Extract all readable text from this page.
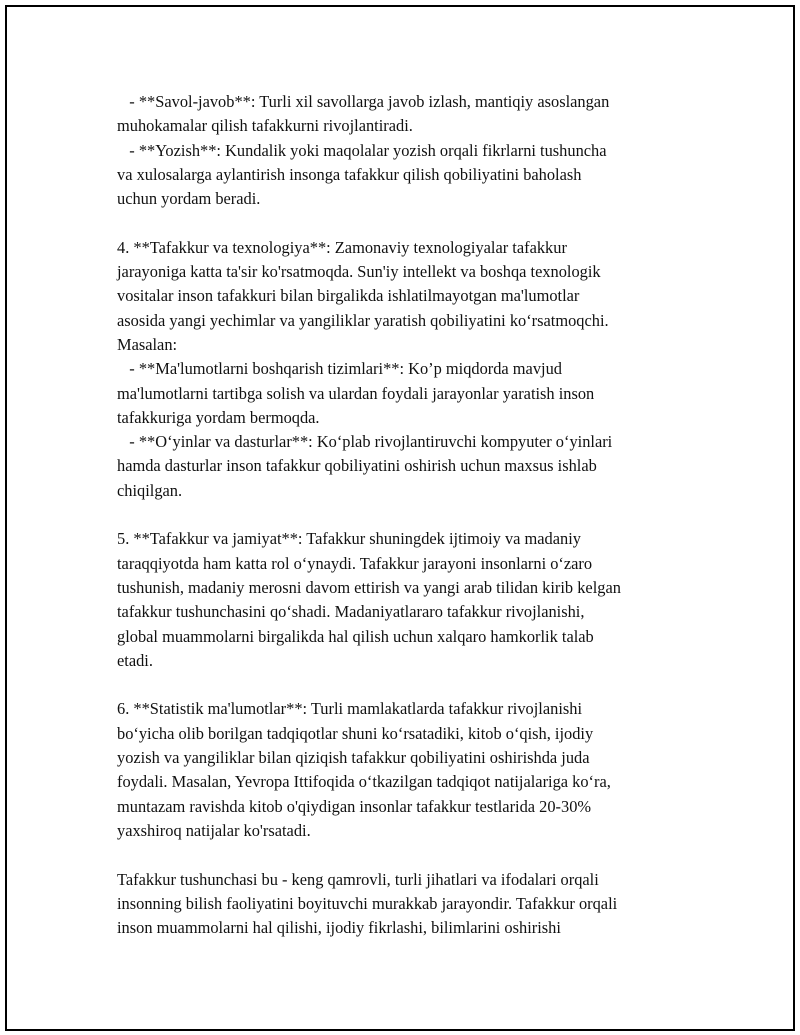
- **Savol-javob**: Turli xil savollarga javob izlash, mantiqiy asoslangan
muhokamalar qilish tafakkurni rivojlantiradi.
- **Yozish**: Kundalik yoki maqolalar yozish orqali fikrlarni tushuncha
va xulosalarga aylantirish insonga tafakkur qilish qobiliyatini baholash
uchun yordam beradi.
4. **Tafakkur va texnologiya**: Zamonaviy texnologiyalar tafakkur
jarayoniga katta ta'sir ko'rsatmoqda. Sun'iy intellekt va boshqa texnologik
vositalar inson tafakkuri bilan birgalikda ishlatilmayotgan ma'lumotlar
asosida yangi yechimlar va yangiliklar yaratish qobiliyatini ko‘rsatmoqchi.
Masalan:
- **Ma'lumotlarni boshqarish tizimlari**: Ko’p miqdorda mavjud
ma'lumotlarni tartibga solish va ulardan foydali jarayonlar yaratish inson
tafakkuriga yordam bermoqda.
- **O‘yinlar va dasturlar**: Ko‘plab rivojlantiruvchi kompyuter o‘yinlari
hamda dasturlar inson tafakkur qobiliyatini oshirish uchun maxsus ishlab
chiqilgan.
5. **Tafakkur va jamiyat**: Tafakkur shuningdek ijtimoiy va madaniy
taraqqiyotda ham katta rol o‘ynaydi. Tafakkur jarayoni insonlarni o‘zaro
tushunish, madaniy merosni davom ettirish va yangi arab tilidan kirib kelgan
tafakkur tushunchasini qo‘shadi. Madaniyatlararo tafakkur rivojlanishi,
global muammolarni birgalikda hal qilish uchun xalqaro hamkorlik talab
etadi.
6. **Statistik ma'lumotlar**: Turli mamlakatlarda tafakkur rivojlanishi
bo‘yicha olib borilgan tadqiqotlar shuni ko‘rsatadiki, kitob o‘qish, ijodiy
yozish va yangiliklar bilan qiziqish tafakkur qobiliyatini oshirishda juda
foydali. Masalan, Yevropa Ittifoqida o‘tkazilgan tadqiqot natijalariga ko‘ra,
muntazam ravishda kitob o'qiydigan insonlar tafakkur testlarida 20-30%
yaxshiroq natijalar ko'rsatadi.
Tafakkur tushunchasi bu - keng qamrovli, turli jihatlari va ifodalari orqali
insonning bilish faoliyatini boyituvchi murakkab jarayondir. Tafakkur orqali
inson muammolarni hal qilishi, ijodiy fikrlashi, bilimlarini oshirishi
